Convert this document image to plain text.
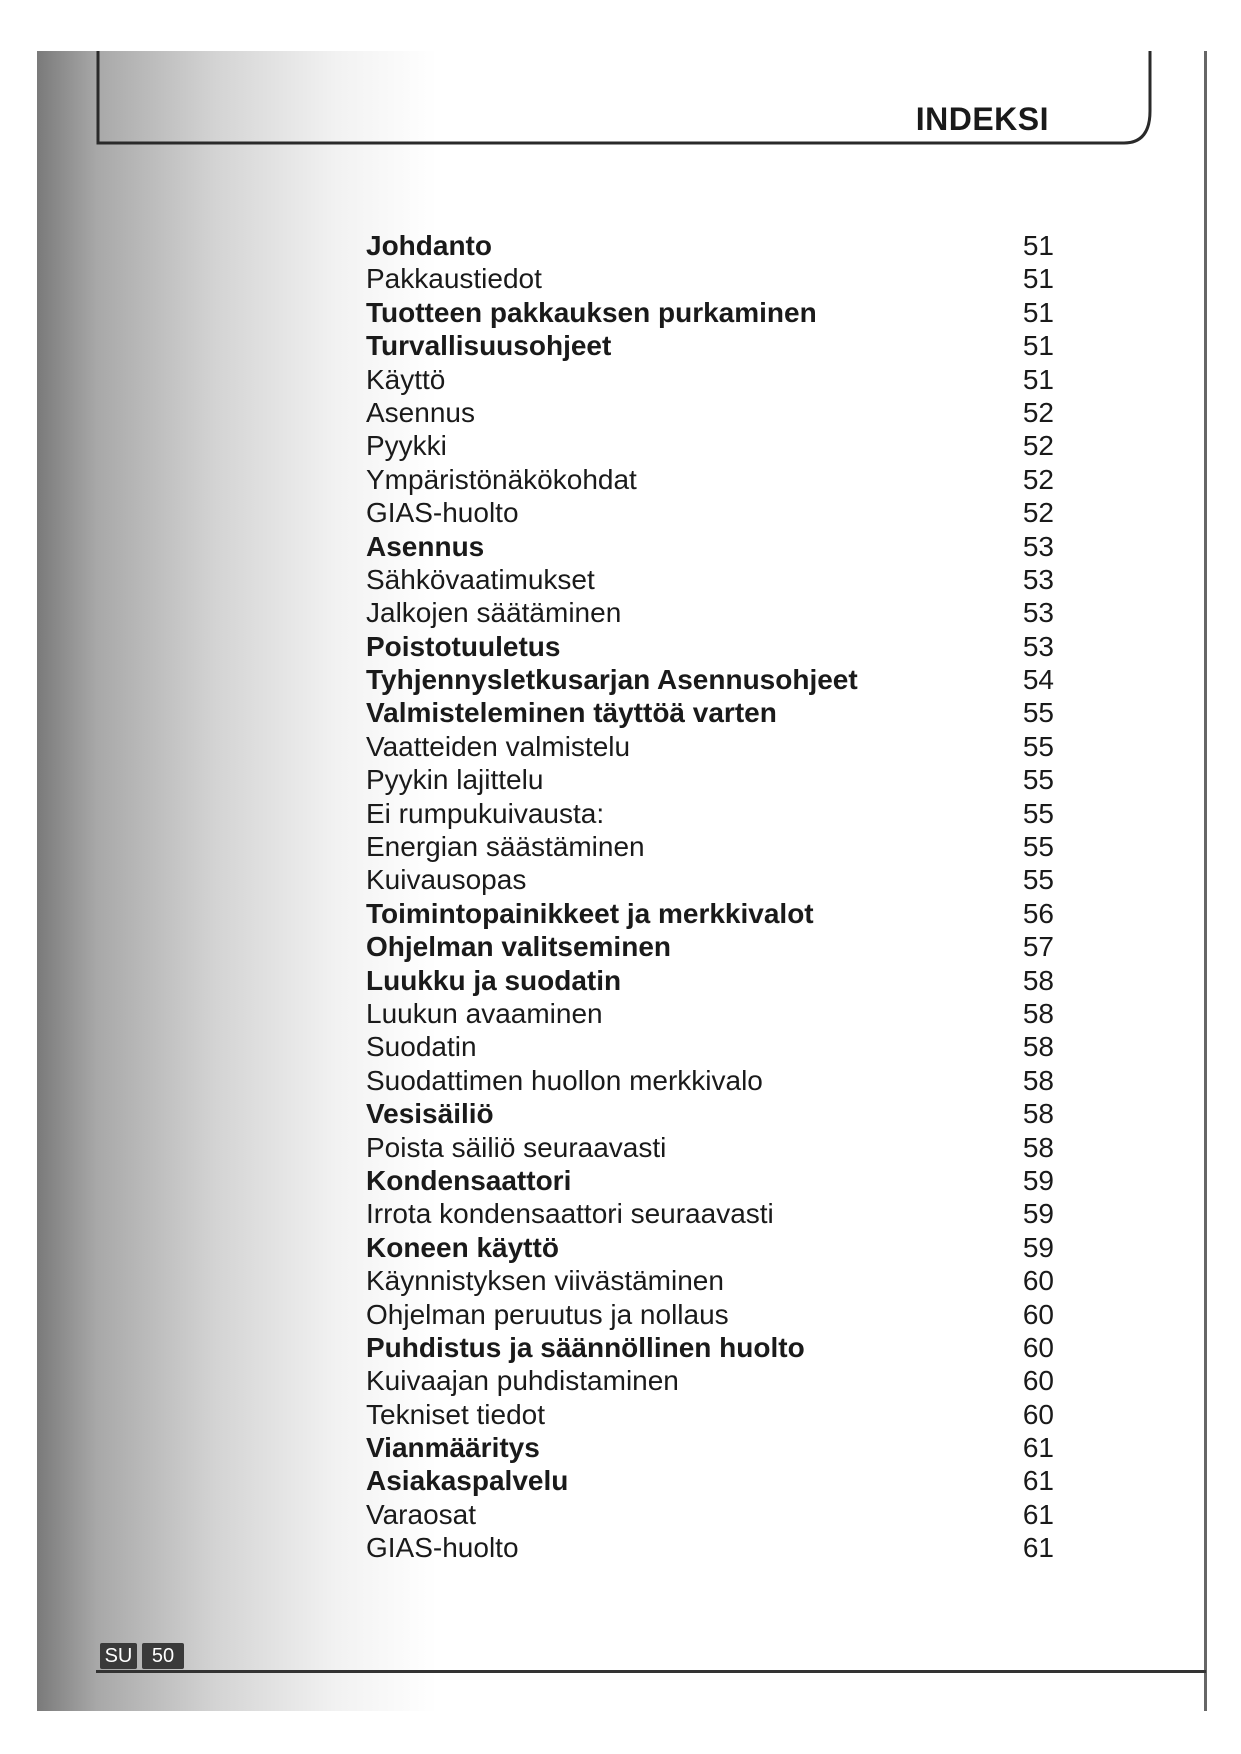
INDEKSI
Johdanto	51
Pakkaustiedot	51
Tuotteen pakkauksen purkaminen	51
Turvallisuusohjeet	51
Käyttö	51
Asennus	52
Pyykki	52
Ympäristönäkökohdat	52
GIAS-huolto	52
Asennus	53
Sähkövaatimukset	53
Jalkojen säätäminen	53
Poistotuuletus	53
Tyhjennysletkusarjan Asennusohjeet	54
Valmisteleminen täyttöä varten	55
Vaatteiden valmistelu	55
Pyykin lajittelu	55
Ei rumpukuivausta:	55
Energian säästäminen	55
Kuivausopas	55
Toimintopainikkeet ja merkkivalot	56
Ohjelman valitseminen	57
Luukku ja suodatin	58
Luukun avaaminen	58
Suodatin	58
Suodattimen huollon merkkivalo	58
Vesisäiliö	58
Poista säiliö seuraavasti	58
Kondensaattori	59
Irrota kondensaattori seuraavasti	59
Koneen käyttö	59
Käynnistyksen viivästäminen	60
Ohjelman peruutus ja nollaus	60
Puhdistus ja säännöllinen huolto	60
Kuivaajan puhdistaminen	60
Tekniset tiedot	60
Vianmääritys	61
Asiakaspalvelu	61
Varaosat	61
GIAS-huolto	61
SU 50
